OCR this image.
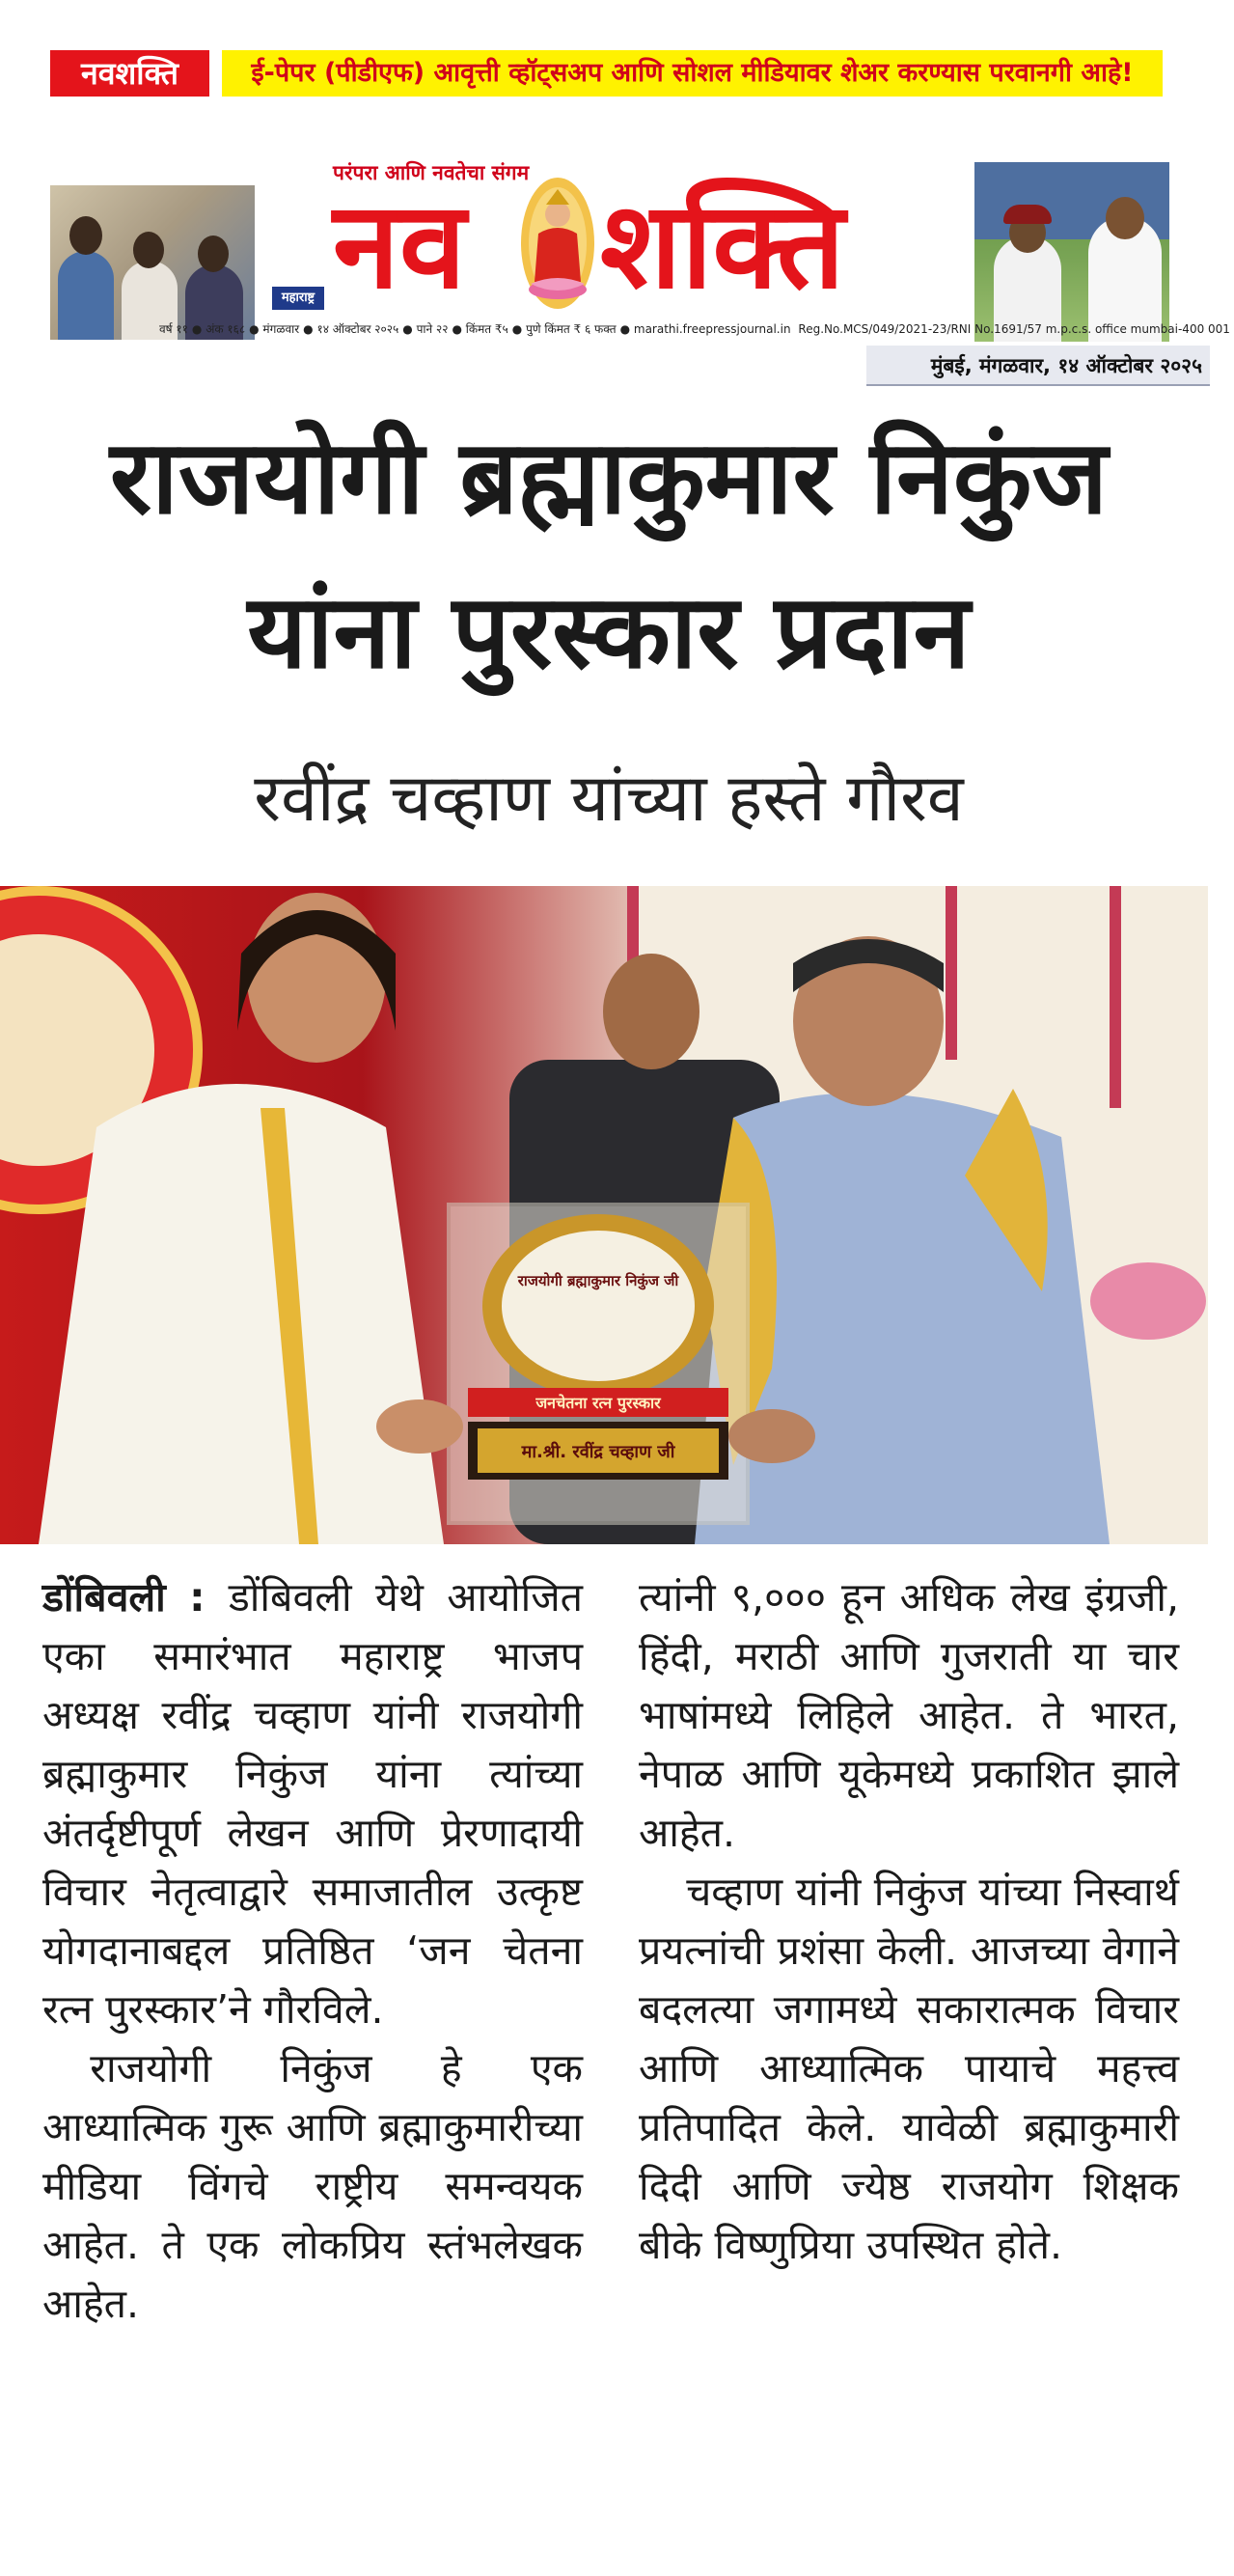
नवशक्ति	ई-पेपर (पीडीएफ) आवृत्ती व्हॉट्सअप आणि सोशल मीडियावर शेअर करण्यास परवानगी आहे!
परंपरा आणि नवतेचा संगम
नव शक्ति
महाराष्ट्र
वर्ष ११ ● अंक १६८ ● मंगळवार ● १४ ऑक्टोबर २०२५ ● पाने २२ ● किंमत ₹५ ● पुणे किंमत ₹ ६ फक्त ● marathi.freepressjournal.in Reg.No.MCS/049/2021-23/RNI No.1691/57 m.p.c.s. office mumbai-400 001
मुंबई, मंगळवार, १४ ऑक्टोबर २०२५
राजयोगी ब्रह्माकुमार निकुंज
यांना पुरस्कार प्रदान
रवींद्र चव्हाण यांच्या हस्ते गौरव
राजयोगी ब्रह्माकुमार निकुंज जी
जनचेतना रत्न पुरस्कार
मा.श्री. रवींद्र चव्हाण जी

डोंबिवली : डोंबिवली येथे आयोजित एका समारंभात महाराष्ट्र भाजप अध्यक्ष रवींद्र चव्हाण यांनी राजयोगी ब्रह्माकुमार निकुंज यांना त्यांच्या अंतर्दृष्टीपूर्ण लेखन आणि प्रेरणादायी विचार नेतृत्वाद्वारे समाजातील उत्कृष्ट योगदानाबद्दल प्रतिष्ठित ‘जन चेतना रत्न पुरस्कार’ने गौरविले.

राजयोगी निकुंज हे एक आध्यात्मिक गुरू आणि ब्रह्माकुमारीच्या मीडिया विंगचे राष्ट्रीय समन्वयक आहेत. ते एक लोकप्रिय स्तंभलेखक आहेत.

त्यांनी ९,००० हून अधिक लेख इंग्रजी, हिंदी, मराठी आणि गुजराती या चार भाषांमध्ये लिहिले आहेत. ते भारत, नेपाळ आणि यूकेमध्ये प्रकाशित झाले आहेत.

चव्हाण यांनी निकुंज यांच्या निस्वार्थ प्रयत्नांची प्रशंसा केली. आजच्या वेगाने बदलत्या जगामध्ये सकारात्मक विचार आणि आध्यात्मिक पायाचे महत्त्व प्रतिपादित केले. यावेळी ब्रह्माकुमारी दिदी आणि ज्येष्ठ राजयोग शिक्षक बीके विष्णुप्रिया उपस्थित होते.
